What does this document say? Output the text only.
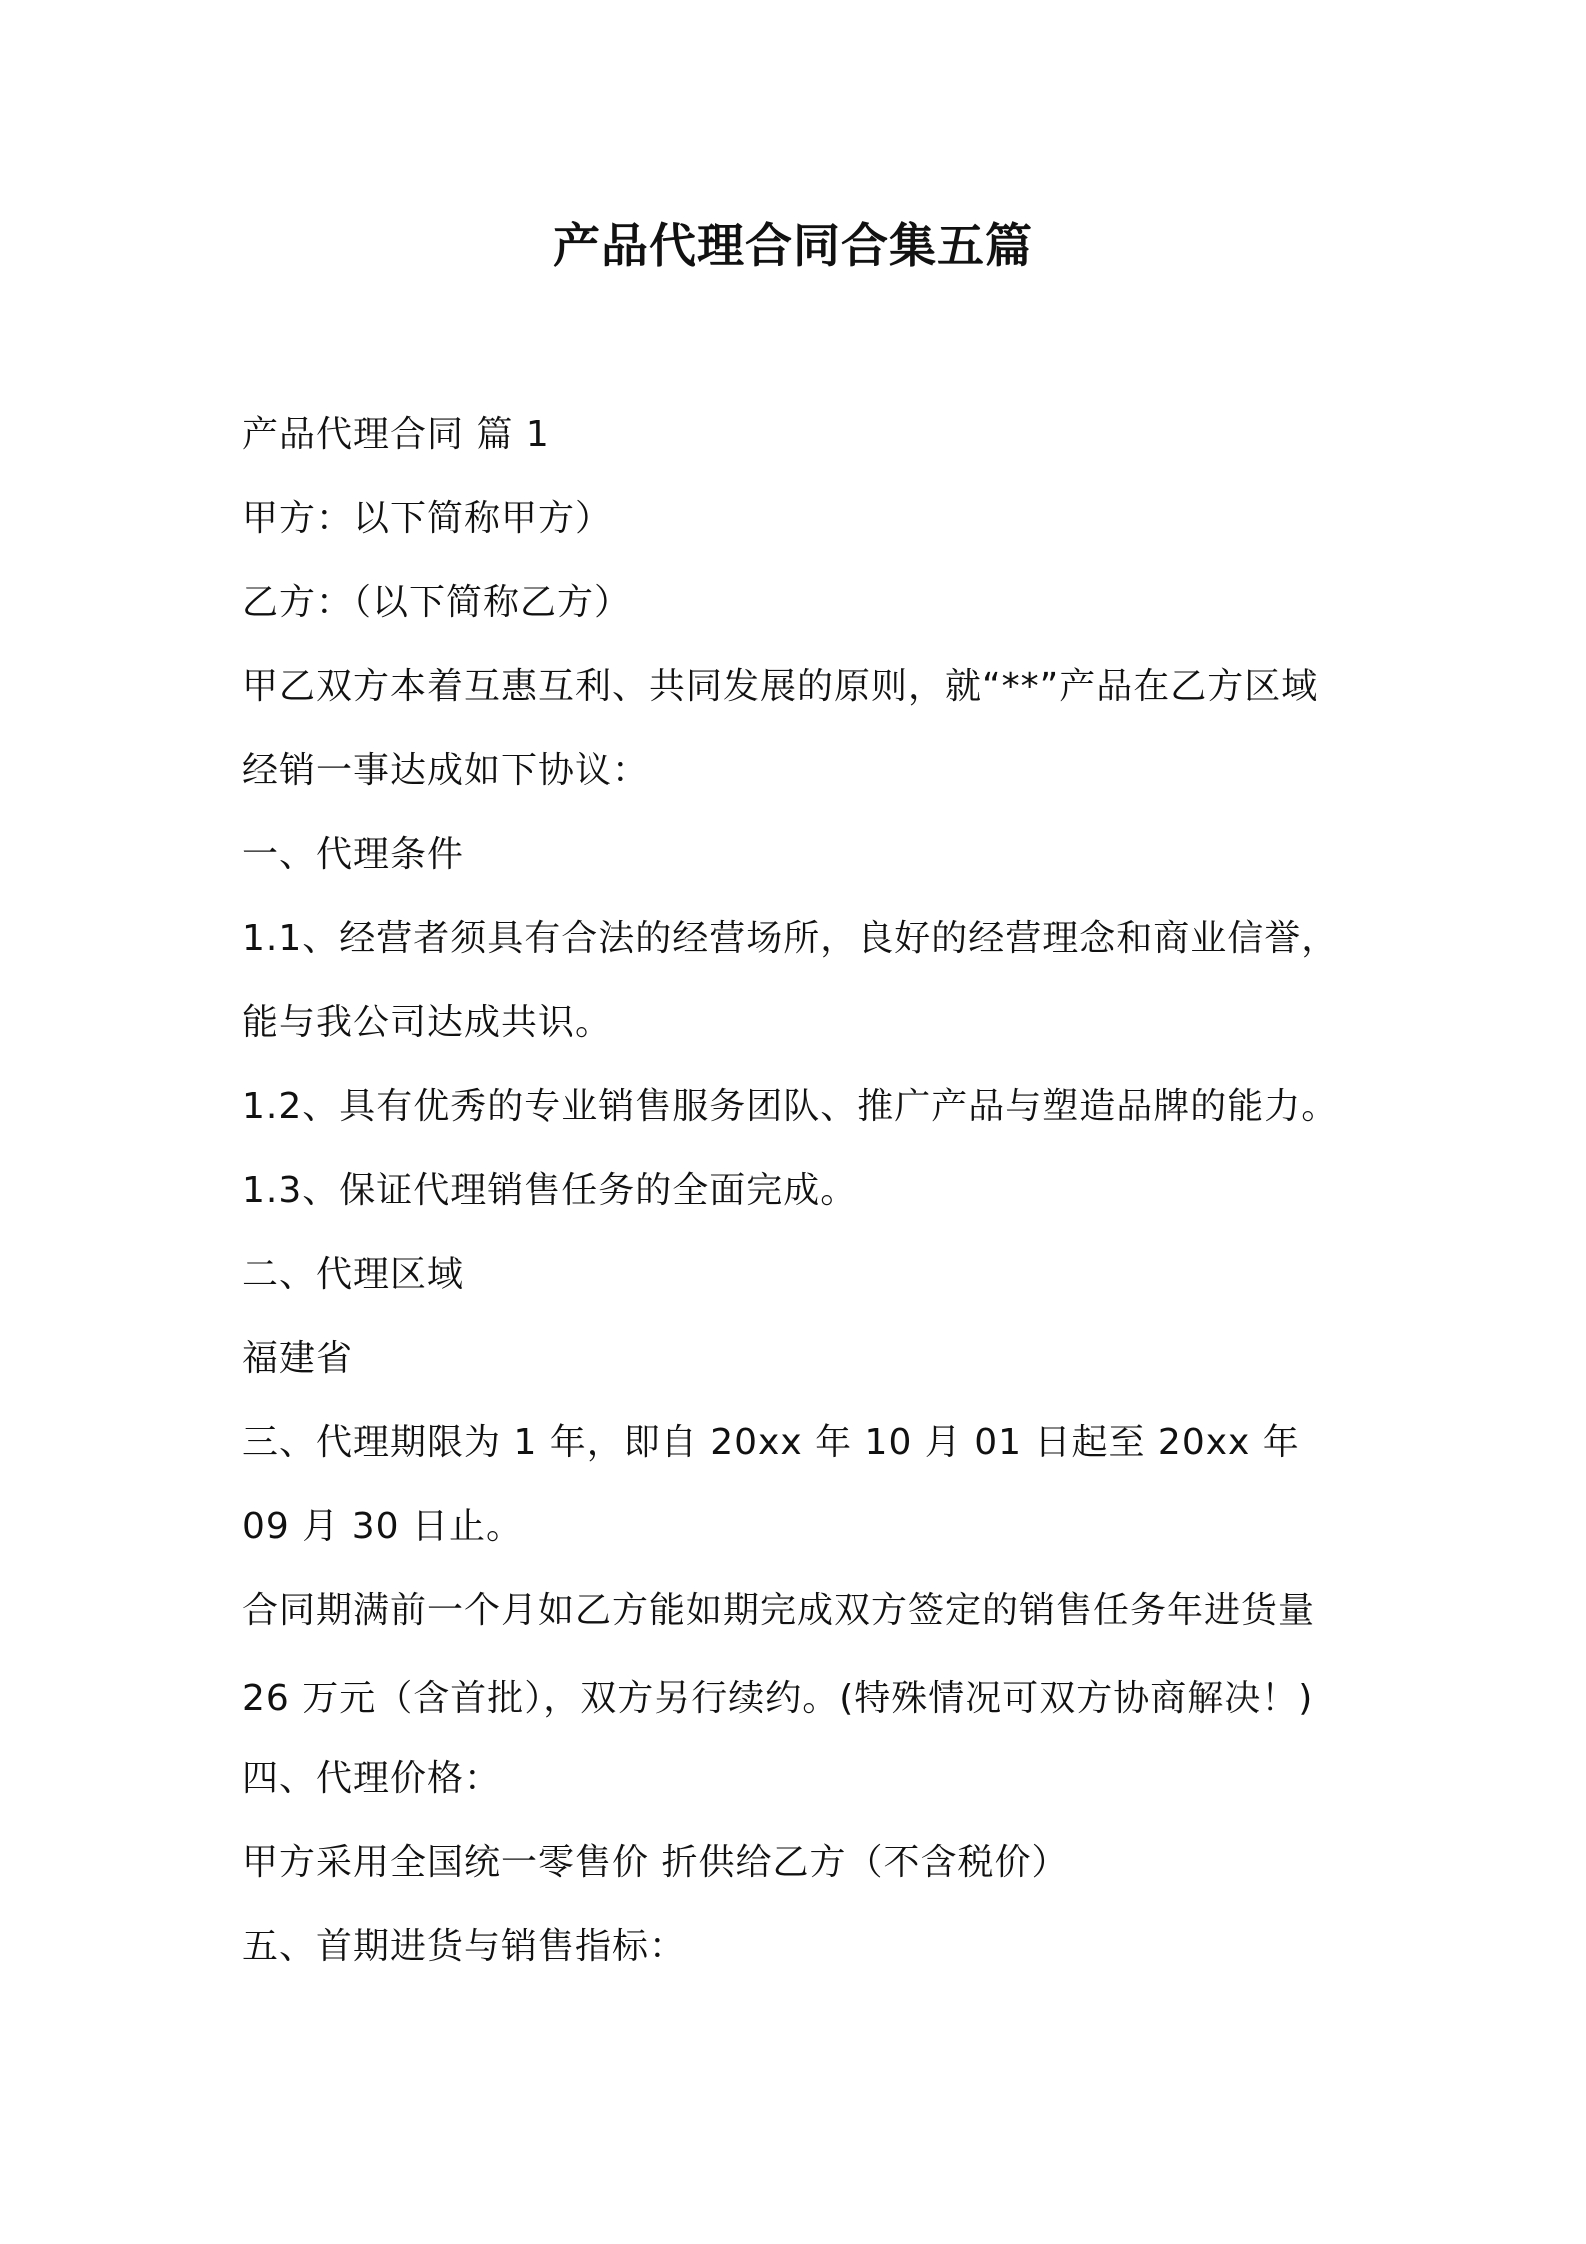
产品代理合同合集五篇

产品代理合同 篇 1

甲方：以下简称甲方）

乙方：（以下简称乙方）

甲乙双方本着互惠互利、共同发展的原则，就“**”产品在乙方区域

经销一事达成如下协议：

一、代理条件

1.1、经营者须具有合法的经营场所，良好的经营理念和商业信誉，

能与我公司达成共识。

1.2、具有优秀的专业销售服务团队、推广产品与塑造品牌的能力。

1.3、保证代理销售任务的全面完成。

二、代理区域

福建省

三、代理期限为 1 年，即自 20xx 年 10 月 01 日起至 20xx 年

09 月 30 日止。

合同期满前一个月如乙方能如期完成双方签定的销售任务年进货量

26 万元（含首批），双方另行续约。(特殊情况可双方协商解决！)

四、代理价格：

甲方采用全国统一零售价 折供给乙方（不含税价）

五、首期进货与销售指标：
